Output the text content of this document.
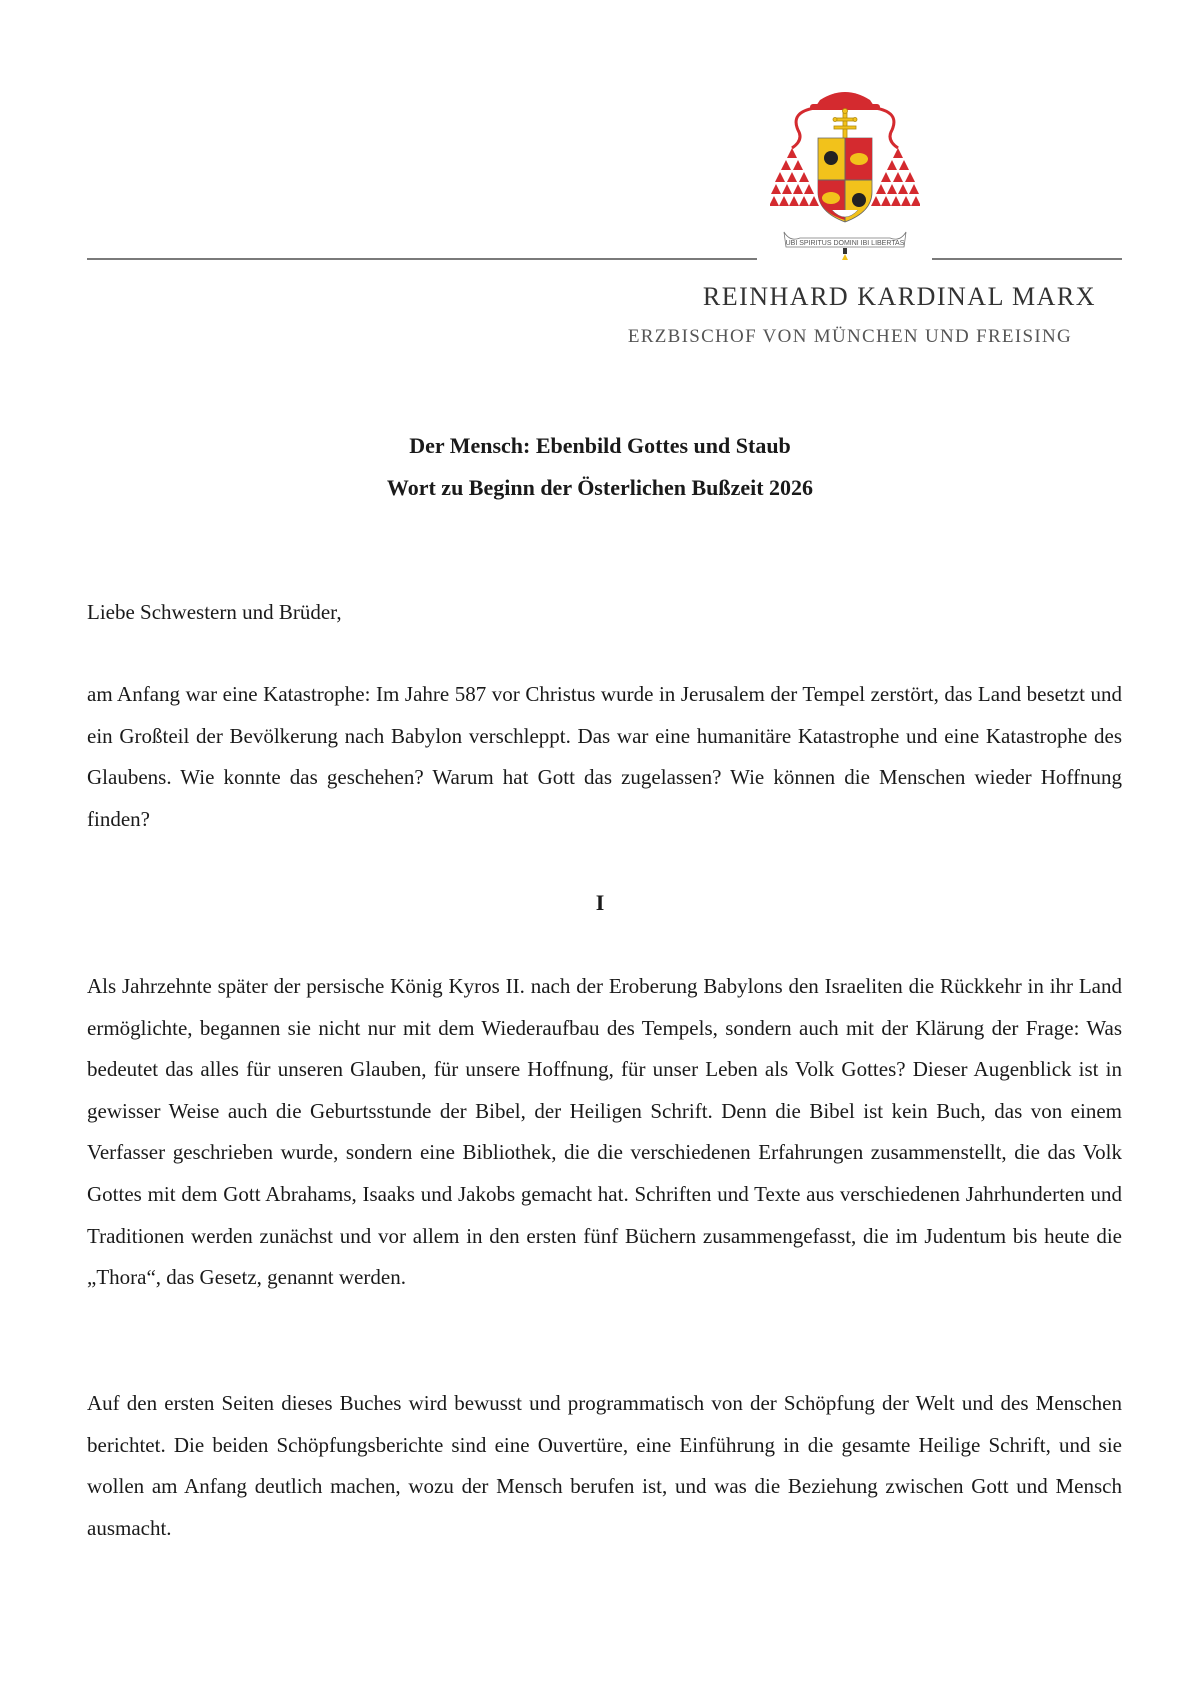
UBI SPIRITUS DOMINI IBI LIBERTAS
REINHARD KARDINAL MARX
ERZBISCHOF VON MÜNCHEN UND FREISING
Der Mensch: Ebenbild Gottes und Staub
Wort zu Beginn der Österlichen Bußzeit 2026
Liebe Schwestern und Brüder,
am Anfang war eine Katastrophe: Im Jahre 587 vor Christus wurde in Jerusalem der Tempel zerstört, das Land besetzt und ein Großteil der Bevölkerung nach Babylon verschleppt. Das war eine humanitäre Katastrophe und eine Katastrophe des Glaubens. Wie konnte das geschehen? Warum hat Gott das zugelassen? Wie können die Menschen wieder Hoffnung finden?
I
Als Jahrzehnte später der persische König Kyros II. nach der Eroberung Babylons den Israeliten die Rückkehr in ihr Land ermöglichte, begannen sie nicht nur mit dem Wiederaufbau des Tempels, sondern auch mit der Klärung der Frage: Was bedeutet das alles für unseren Glauben, für unsere Hoffnung, für unser Leben als Volk Gottes? Dieser Augenblick ist in gewisser Weise auch die Geburtsstunde der Bibel, der Heiligen Schrift. Denn die Bibel ist kein Buch, das von einem Verfasser geschrieben wurde, sondern eine Bibliothek, die die verschiedenen Erfahrungen zusammenstellt, die das Volk Gottes mit dem Gott Abrahams, Isaaks und Jakobs gemacht hat. Schriften und Texte aus verschiedenen Jahrhunderten und Traditionen werden zunächst und vor allem in den ersten fünf Büchern zusammengefasst, die im Judentum bis heute die „Thora“, das Gesetz, genannt werden.
Auf den ersten Seiten dieses Buches wird bewusst und programmatisch von der Schöpfung der Welt und des Menschen berichtet. Die beiden Schöpfungsberichte sind eine Ouvertüre, eine Einführung in die gesamte Heilige Schrift, und sie wollen am Anfang deutlich machen, wozu der Mensch berufen ist, und was die Beziehung zwischen Gott und Mensch ausmacht.
